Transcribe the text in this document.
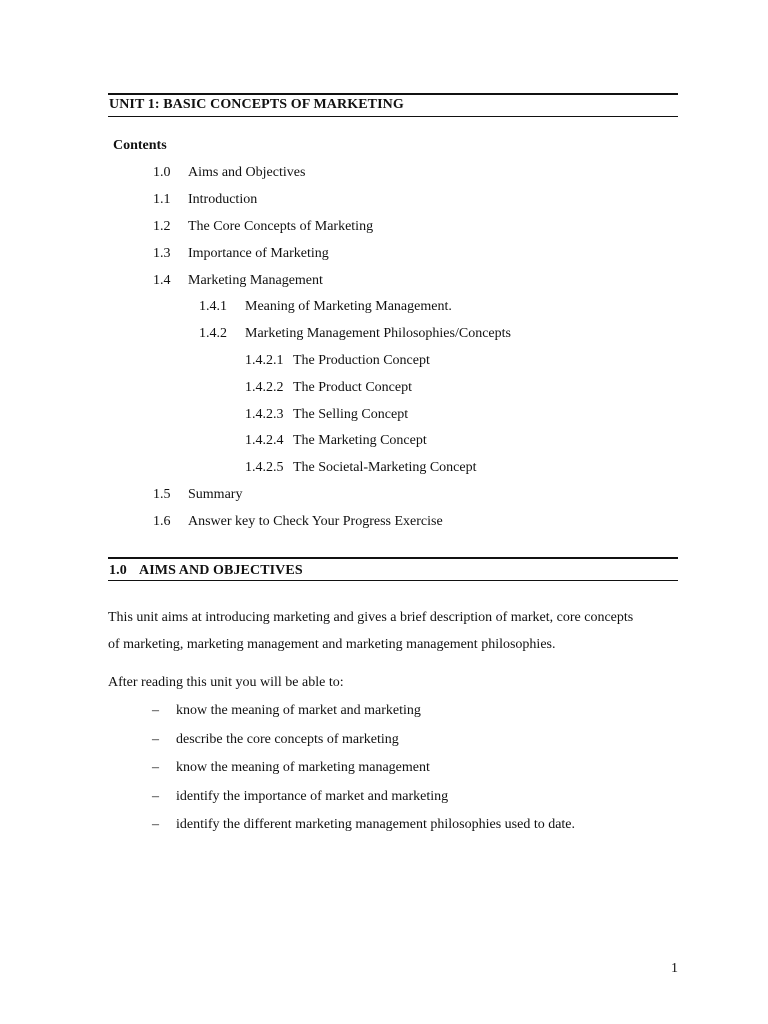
UNIT 1: BASIC CONCEPTS OF MARKETING
Contents
1.0 Aims and Objectives
1.1 Introduction
1.2 The Core Concepts of Marketing
1.3 Importance of Marketing
1.4 Marketing Management
1.4.1 Meaning of Marketing Management.
1.4.2 Marketing Management Philosophies/Concepts
1.4.2.1 The Production Concept
1.4.2.2 The Product Concept
1.4.2.3 The Selling Concept
1.4.2.4 The Marketing Concept
1.4.2.5 The Societal-Marketing Concept
1.5 Summary
1.6 Answer key to Check Your Progress Exercise
1.0 AIMS AND OBJECTIVES
This unit aims at introducing marketing and gives a brief description of market, core concepts
of marketing, marketing management and marketing management philosophies.
After reading this unit you will be able to:
– know the meaning of market and marketing
– describe the core concepts of marketing
– know the meaning of marketing management
– identify the importance of market and marketing
– identify the different marketing management philosophies used to date.
1
